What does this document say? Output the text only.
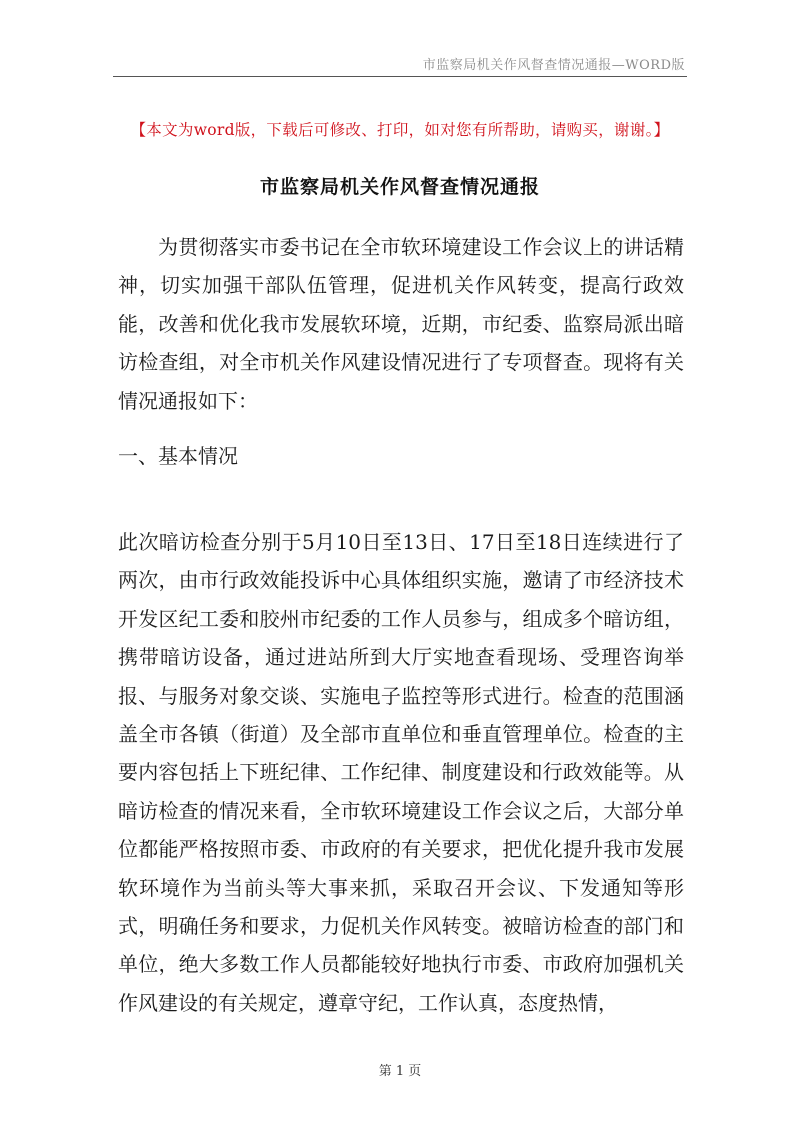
市监察局机关作风督查情况通报—WORD版
【本文为word版，下载后可修改、打印，如对您有所帮助，请购买，谢谢。】
市监察局机关作风督查情况通报
为贯彻落实市委书记在全市软环境建设工作会议上的讲话精神，切实加强干部队伍管理，促进机关作风转变，提高行政效能，改善和优化我市发展软环境，近期，市纪委、监察局派出暗访检查组，对全市机关作风建设情况进行了专项督查。现将有关情况通报如下：
一、基本情况
此次暗访检查分别于5月10日至13日、17日至18日连续进行了两次，由市行政效能投诉中心具体组织实施，邀请了市经济技术开发区纪工委和胶州市纪委的工作人员参与，组成多个暗访组，携带暗访设备，通过进站所到大厅实地查看现场、受理咨询举报、与服务对象交谈、实施电子监控等形式进行。检查的范围涵盖全市各镇（街道）及全部市直单位和垂直管理单位。检查的主要内容包括上下班纪律、工作纪律、制度建设和行政效能等。从暗访检查的情况来看，全市软环境建设工作会议之后，大部分单位都能严格按照市委、市政府的有关要求，把优化提升我市发展软环境作为当前头等大事来抓，采取召开会议、下发通知等形式，明确任务和要求，力促机关作风转变。被暗访检查的部门和单位，绝大多数工作人员都能较好地执行市委、市政府加强机关作风建设的有关规定，遵章守纪，工作认真，态度热情，
第 1 页
